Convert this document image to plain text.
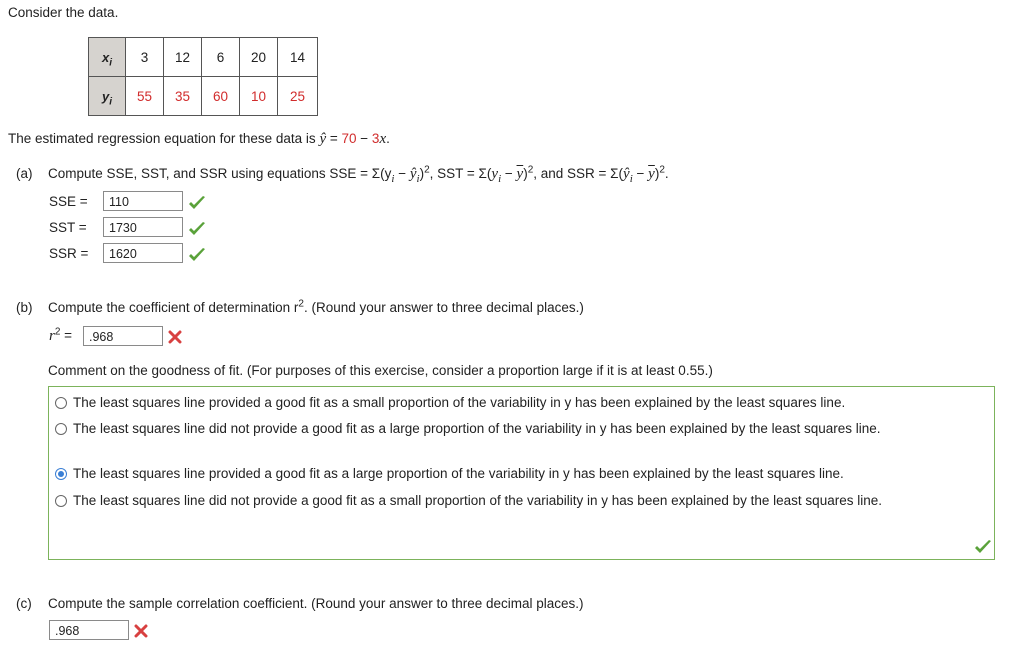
Consider the data.
$x_i$	3	12	6	20	14
$y_i$	55	35	60	10	25
The estimated regression equation for these data is ŷ = 70 − 3x.
(a) Compute SSE, SST, and SSR using equations SSE = $\Sigma(y_i$ − $ŷ_i)^2$, SST = $\Sigma(y_i - \overline{y})^2$, and SSR = $\Sigma(ŷ_i - \overline{y})^2$.
SSE =	110
SST =	1730
SSR =	1620
(b) Compute the coefficient of determination $r^2$. (Round your answer to three decimal places.)
$r^2$ =	.968
Comment on the goodness of fit. (For purposes of this exercise, consider a proportion large if it is at least 0.55.)
The least squares line provided a good fit as a small proportion of the variability in y has been explained by the least squares line.
The least squares line did not provide a good fit as a large proportion of the variability in y has been explained by the least squares line.
The least squares line provided a good fit as a large proportion of the variability in y has been explained by the least squares line.
The least squares line did not provide a good fit as a small proportion of the variability in y has been explained by the least squares line.
(c) Compute the sample correlation coefficient. (Round your answer to three decimal places.)
.968
